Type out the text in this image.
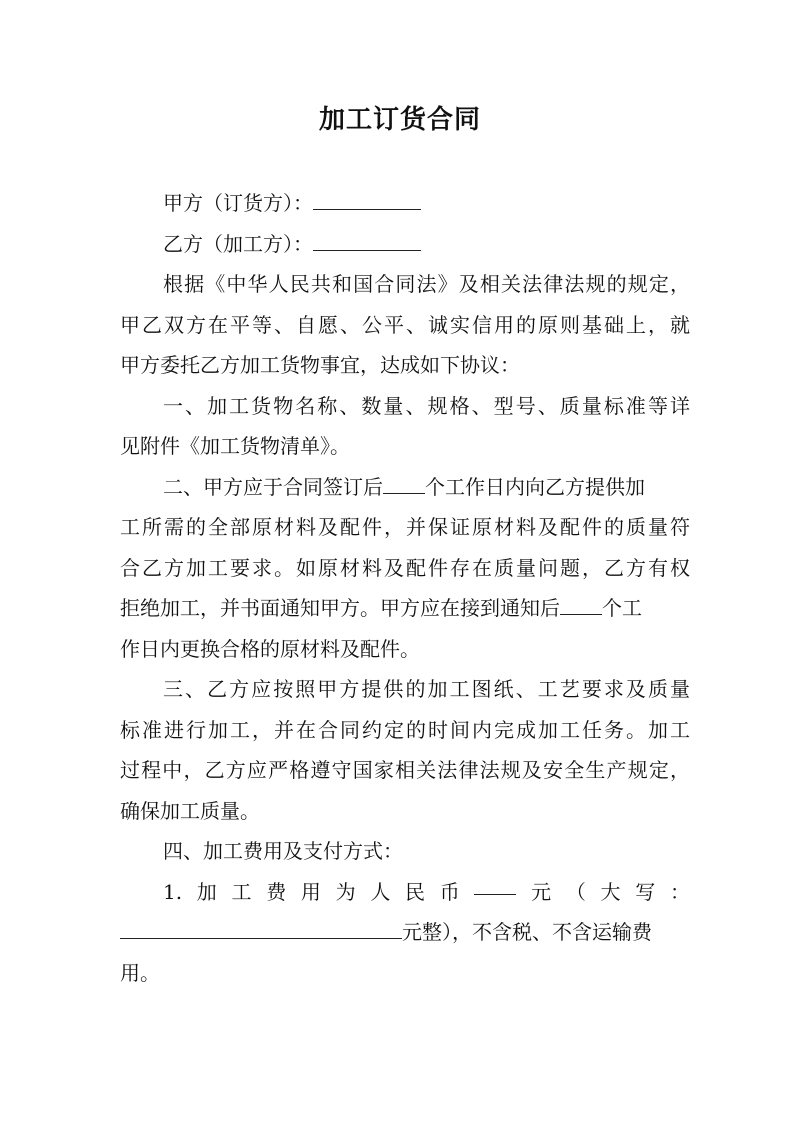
加工订货合同
甲方（订货方）：
乙方（加工方）：
根据《中华人民共和国合同法》及相关法律法规的规定，
甲乙双方在平等、自愿、公平、诚实信用的原则基础上，就
甲方委托乙方加工货物事宜，达成如下协议：
一、加工货物名称、数量、规格、型号、质量标准等详
见附件《加工货物清单》。
二、甲方应于合同签订后 个工作日内向乙方提供加
工所需的全部原材料及配件，并保证原材料及配件的质量符
合乙方加工要求。如原材料及配件存在质量问题，乙方有权
拒绝加工，并书面通知甲方。甲方应在接到通知后 个工
作日内更换合格的原材料及配件。
三、乙方应按照甲方提供的加工图纸、工艺要求及质量
标准进行加工，并在合同约定的时间内完成加工任务。加工
过程中，乙方应严格遵守国家相关法律法规及安全生产规定，
确保加工质量。
四、加工费用及支付方式：
1. 加 工 费 用 为 人 民 币	元 （ 大 写 ：
元整），不含税、不含运输费
用。
